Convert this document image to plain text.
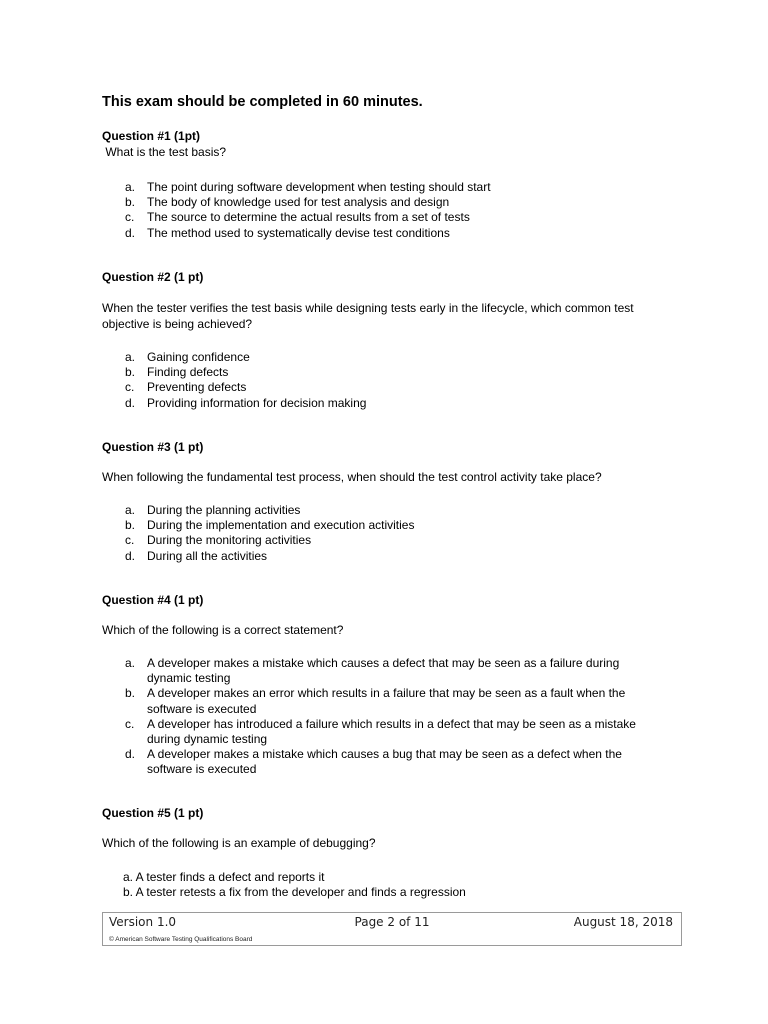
This exam should be completed in 60 minutes.
Question #1 (1pt)
What is the test basis?
a. The point during software development when testing should start
b. The body of knowledge used for test analysis and design
c. The source to determine the actual results from a set of tests
d. The method used to systematically devise test conditions
Question #2 (1 pt)
When the tester verifies the test basis while designing tests early in the lifecycle, which common test objective is being achieved?
a. Gaining confidence
b. Finding defects
c. Preventing defects
d. Providing information for decision making
Question #3 (1 pt)
When following the fundamental test process, when should the test control activity take place?
a. During the planning activities
b. During the implementation and execution activities
c. During the monitoring activities
d. During all the activities
Question #4 (1 pt)
Which of the following is a correct statement?
a. A developer makes a mistake which causes a defect that may be seen as a failure during dynamic testing
b. A developer makes an error which results in a failure that may be seen as a fault when the software is executed
c. A developer has introduced a failure which results in a defect that may be seen as a mistake during dynamic testing
d. A developer makes a mistake which causes a bug that may be seen as a defect when the software is executed
Question #5 (1 pt)
Which of the following is an example of debugging?
a. A tester finds a defect and reports it
b. A tester retests a fix from the developer and finds a regression
Version 1.0	Page 2 of 11	August 18, 2018
© American Software Testing Qualifications Board
